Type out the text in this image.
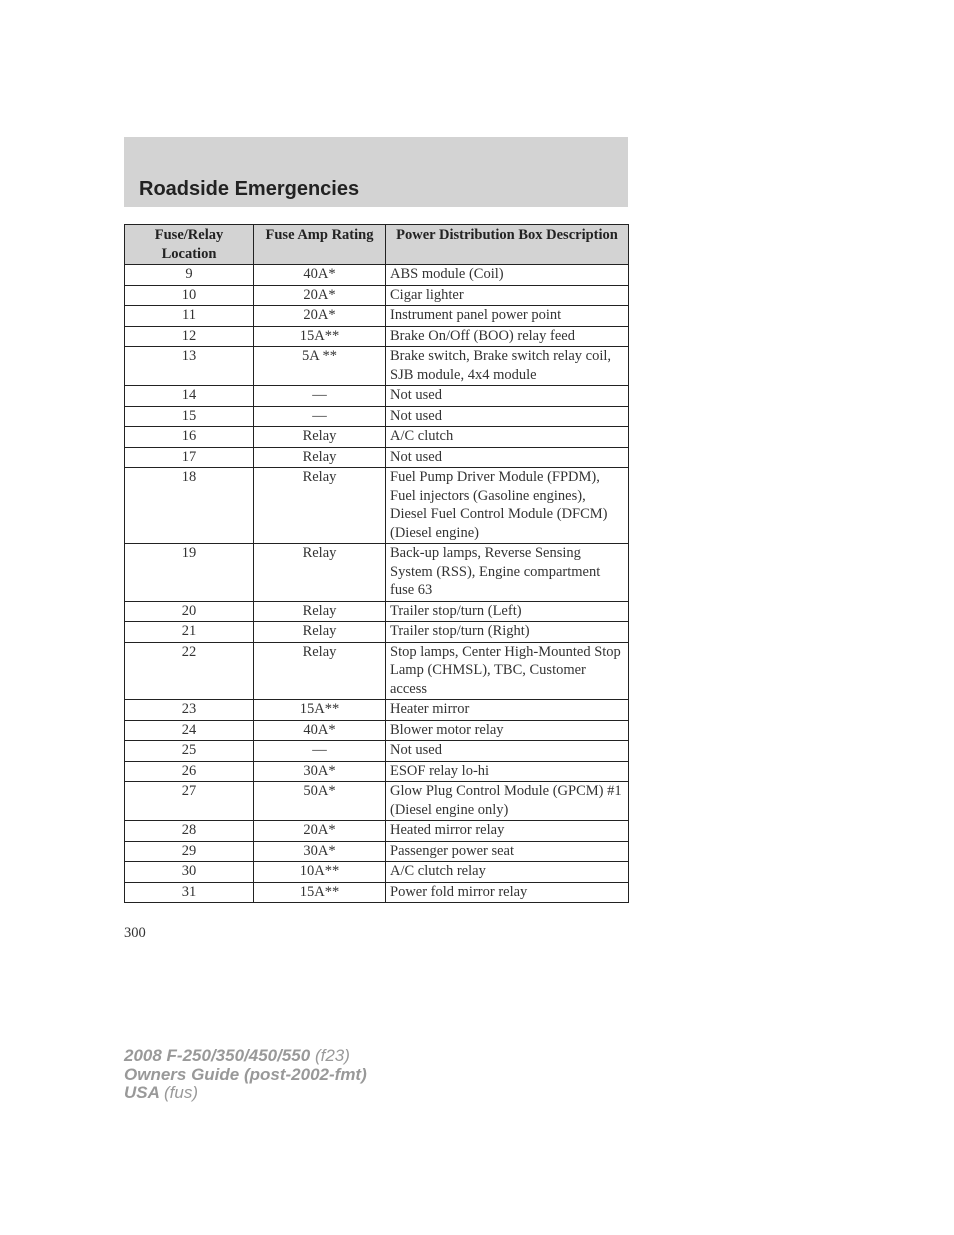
Roadside Emergencies
Fuse/Relay Location	Fuse Amp Rating	Power Distribution Box Description
9	40A*	ABS module (Coil)
10	20A*	Cigar lighter
11	20A*	Instrument panel power point
12	15A**	Brake On/Off (BOO) relay feed
13	5A **	Brake switch, Brake switch relay coil, SJB module, 4x4 module
14	—	Not used
15	—	Not used
16	Relay	A/C clutch
17	Relay	Not used
18	Relay	Fuel Pump Driver Module (FPDM), Fuel injectors (Gasoline engines), Diesel Fuel Control Module (DFCM) (Diesel engine)
19	Relay	Back-up lamps, Reverse Sensing System (RSS), Engine compartment fuse 63
20	Relay	Trailer stop/turn (Left)
21	Relay	Trailer stop/turn (Right)
22	Relay	Stop lamps, Center High-Mounted Stop Lamp (CHMSL), TBC, Customer access
23	15A**	Heater mirror
24	40A*	Blower motor relay
25	—	Not used
26	30A*	ESOF relay lo-hi
27	50A*	Glow Plug Control Module (GPCM) #1 (Diesel engine only)
28	20A*	Heated mirror relay
29	30A*	Passenger power seat
30	10A**	A/C clutch relay
31	15A**	Power fold mirror relay
300
2008 F-250/350/450/550 (f23)
Owners Guide (post-2002-fmt)
USA (fus)
